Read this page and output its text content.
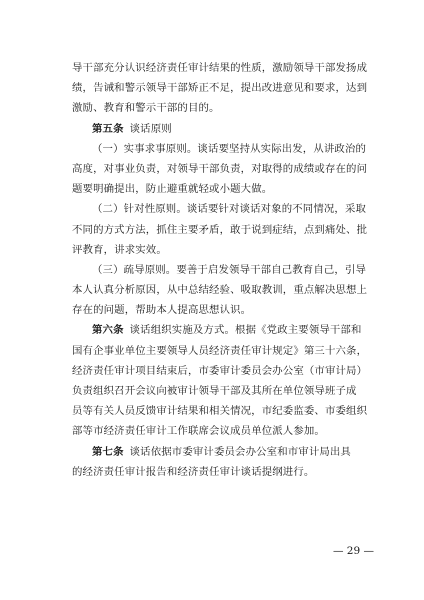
导干部充分认识经济责任审计结果的性质，激励领导干部发扬成
绩，告诫和警示领导干部矫正不足，提出改进意见和要求，达到
激励、教育和警示干部的目的。
第五条 谈话原则
（一）实事求事原则。谈话要坚持从实际出发，从讲政治的
高度，对事业负责，对领导干部负责，对取得的成绩或存在的问
题要明确提出，防止避重就轻或小题大做。
（二）针对性原则。谈话要针对谈话对象的不同情况，采取
不同的方式方法，抓住主要矛盾，敢于说到症结，点到痛处、批
评教育，讲求实效。
（三）疏导原则。要善于启发领导干部自己教育自己，引导
本人认真分析原因，从中总结经验、吸取教训，重点解决思想上
存在的问题，帮助本人提高思想认识。
第六条 谈话组织实施及方式。根据《党政主要领导干部和
国有企事业单位主要领导人员经济责任审计规定》第三十六条，
经济责任审计项目结束后，市委审计委员会办公室（市审计局）
负责组织召开会议向被审计领导干部及其所在单位领导班子成
员等有关人员反馈审计结果和相关情况，市纪委监委、市委组织
部等市经济责任审计工作联席会议成员单位派人参加。
第七条 谈话依据市委审计委员会办公室和市审计局出具
的经济责任审计报告和经济责任审计谈话提纲进行。
— 29 —
